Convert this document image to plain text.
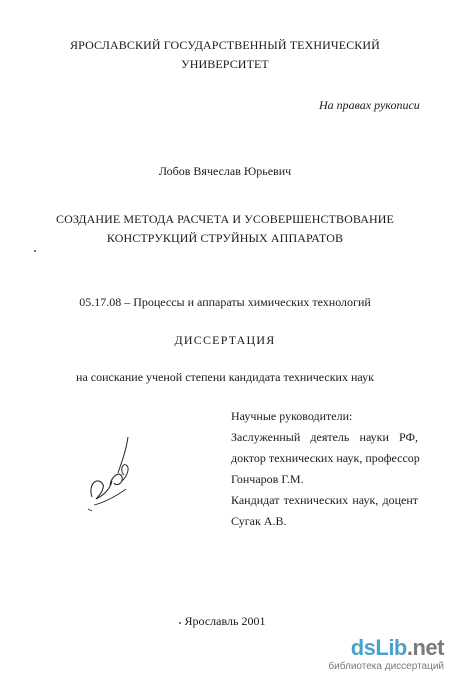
ЯРОСЛАВСКИЙ ГОСУДАРСТВЕННЫЙ ТЕХНИЧЕСКИЙ
УНИВЕРСИТЕТ
На правах рукописи
Лобов Вячеслав Юрьевич
СОЗДАНИЕ МЕТОДА РАСЧЕТА И УСОВЕРШЕНСТВОВАНИЕ
КОНСТРУКЦИЙ СТРУЙНЫХ АППАРАТОВ
05.17.08 – Процессы и аппараты химических технологий
ДИССЕРТАЦИЯ
на соискание ученой степени кандидата технических наук
Научные руководители:
Заслуженный деятель науки РФ,
доктор технических наук, профессор
Гончаров Г.М.
Кандидат технических наук, доцент
Сугак А.В.
Ярославль 2001
dsLib.net
библиотека диссертаций
